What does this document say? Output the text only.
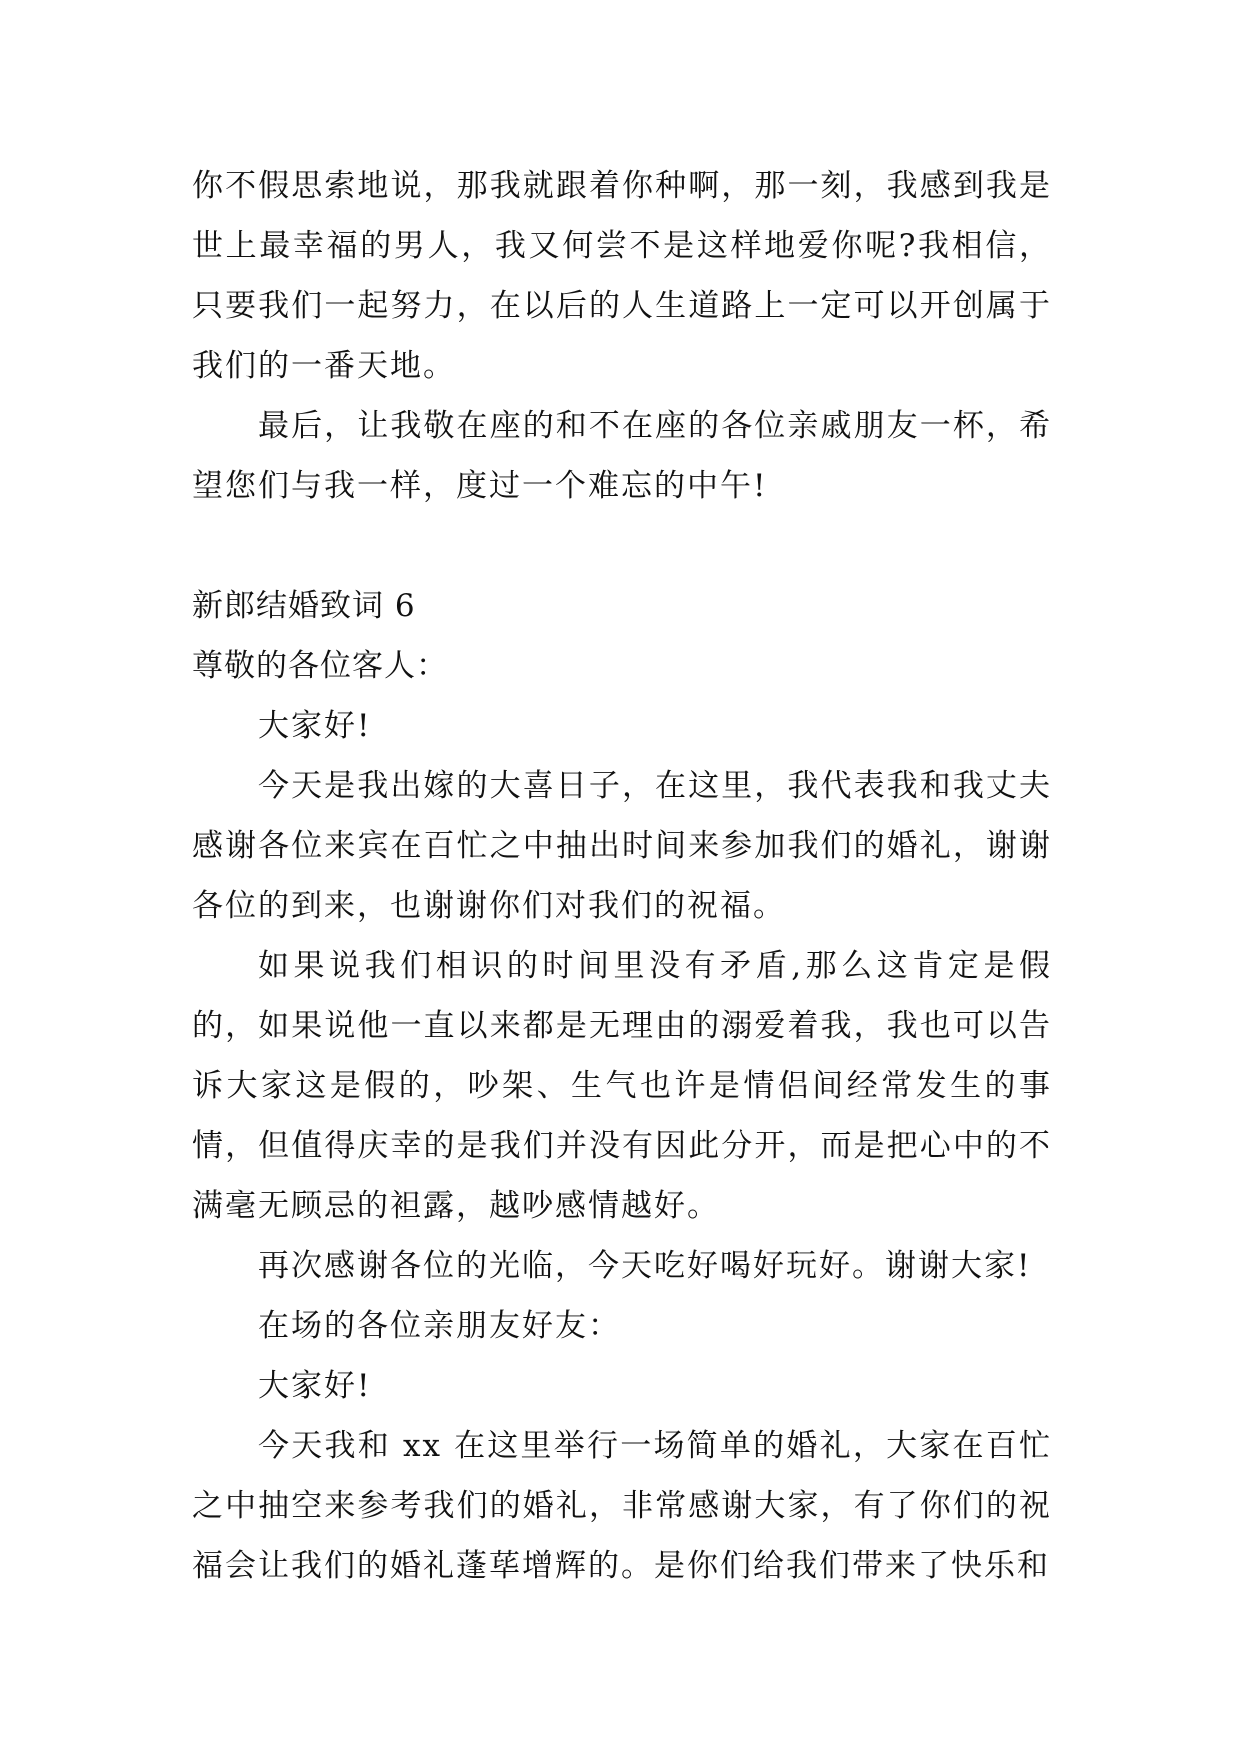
你不假思索地说，那我就跟着你种啊，那一刻，我感到我是世上最幸福的男人，我又何尝不是这样地爱你呢?我相信，只要我们一起努力，在以后的人生道路上一定可以开创属于我们的一番天地。

最后，让我敬在座的和不在座的各位亲戚朋友一杯，希望您们与我一样，度过一个难忘的中午!

新郎结婚致词 6

尊敬的各位客人：

大家好!

今天是我出嫁的大喜日子，在这里，我代表我和我丈夫感谢各位来宾在百忙之中抽出时间来参加我们的婚礼，谢谢各位的到来，也谢谢你们对我们的祝福。

如果说我们相识的时间里没有矛盾,那么这肯定是假的，如果说他一直以来都是无理由的溺爱着我，我也可以告诉大家这是假的，吵架、生气也许是情侣间经常发生的事情，但值得庆幸的是我们并没有因此分开，而是把心中的不满毫无顾忌的袒露，越吵感情越好。

再次感谢各位的光临，今天吃好喝好玩好。谢谢大家!

在场的各位亲朋友好友：

大家好!

今天我和 xx 在这里举行一场简单的婚礼，大家在百忙之中抽空来参考我们的婚礼，非常感谢大家，有了你们的祝福会让我们的婚礼蓬荜增辉的。是你们给我们带来了快乐和
